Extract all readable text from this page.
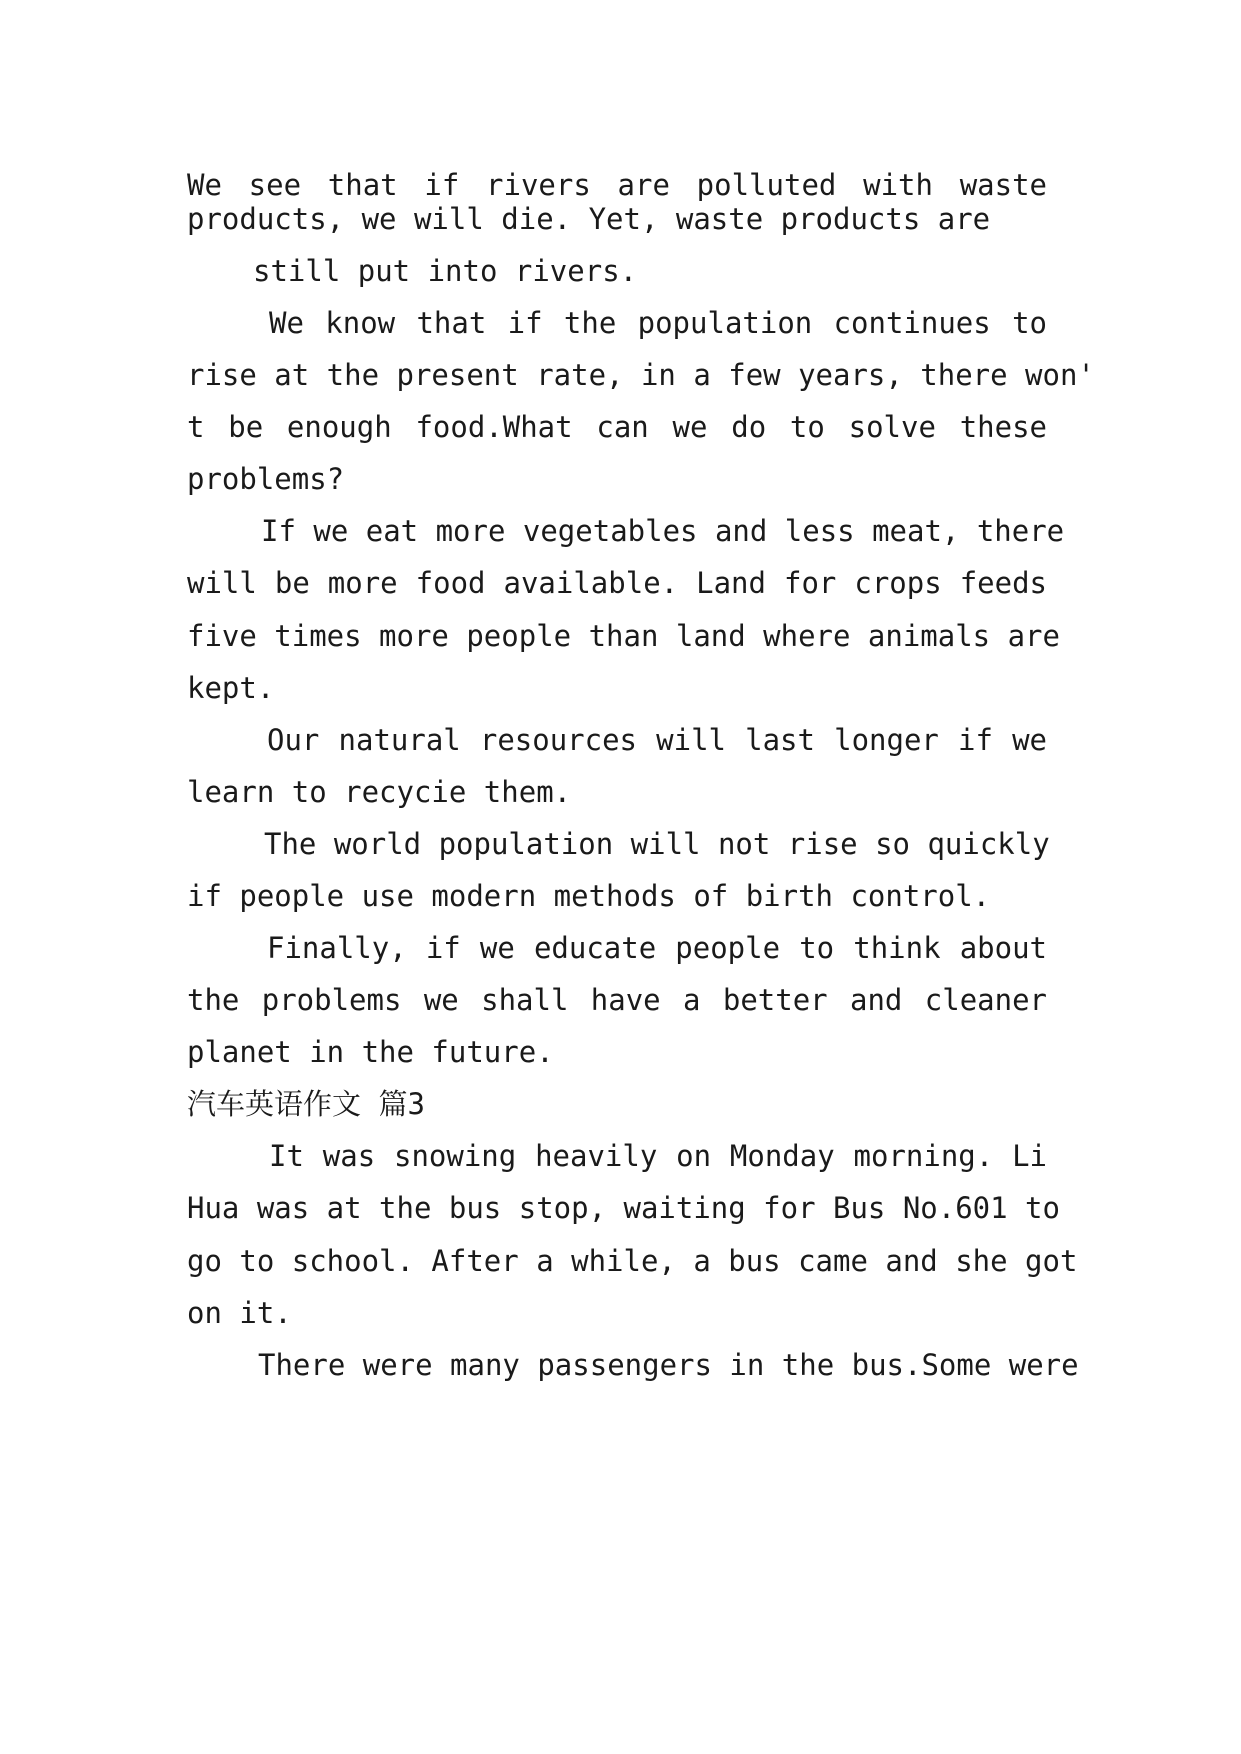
We see that if rivers are polluted with waste
products, we will die. Yet, waste products are
still put into rivers.
We know that if the population continues to
rise at the present rate, in a few years, there won'
t be enough food.What can we do to solve these
problems?
If we eat more vegetables and less meat, there
will be more food available. Land for crops feeds
five times more people than land where animals are
kept.
Our natural resources will last longer if we
learn to recycie them.
The world population will not rise so quickly
if people use modern methods of birth control.
Finally, if we educate people to think about
the problems we shall have a better and cleaner
planet in the future.
汽车英语作文 篇3
It was snowing heavily on Monday morning. Li
Hua was at the bus stop, waiting for Bus No.601 to
go to school. After a while, a bus came and she got
on it.
There were many passengers in the bus.Some were
